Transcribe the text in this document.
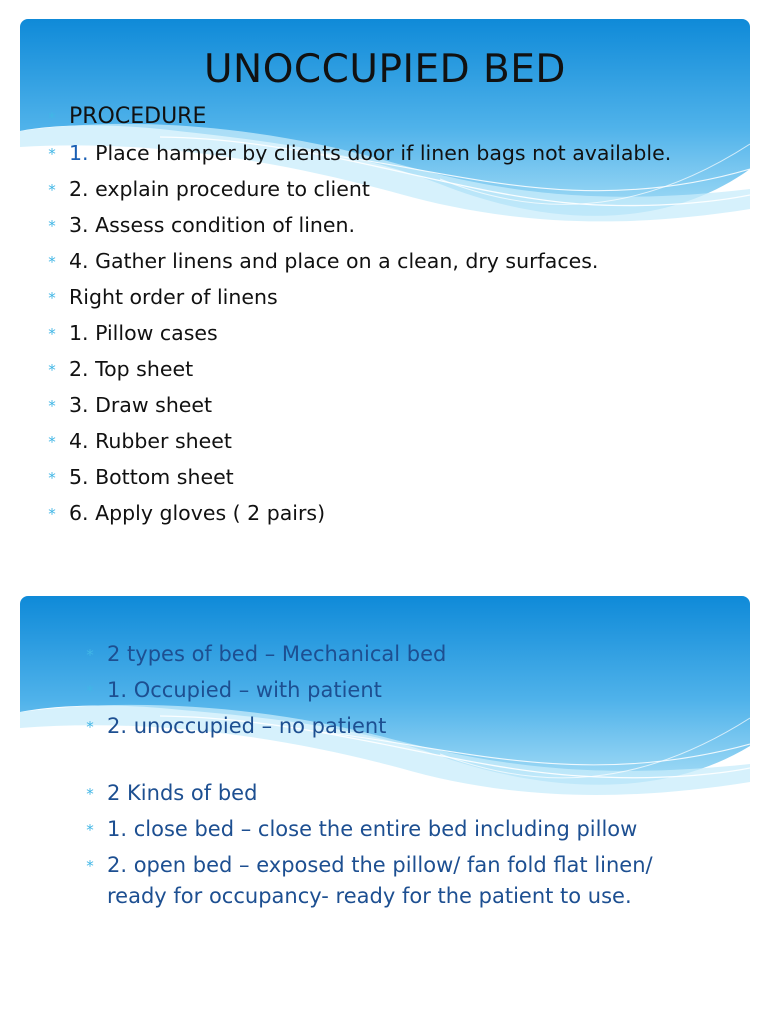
UNOCCUPIED BED
* PROCEDURE
* 1. Place hamper by clients door if linen bags not available.
* 2. explain procedure to client
* 3. Assess condition of linen.
* 4. Gather linens and place on a clean, dry surfaces.
* Right order of linens
* 1. Pillow cases
* 2. Top sheet
* 3. Draw sheet
* 4. Rubber sheet
* 5. Bottom sheet
* 6. Apply gloves ( 2 pairs)
* 2 types of bed – Mechanical bed
* 1. Occupied – with patient
* 2. unoccupied – no patient
* 2 Kinds of bed
* 1. close bed – close the entire bed including pillow
* 2. open bed – exposed the pillow/ fan fold flat linen/ ready for occupancy- ready for the patient to use.
